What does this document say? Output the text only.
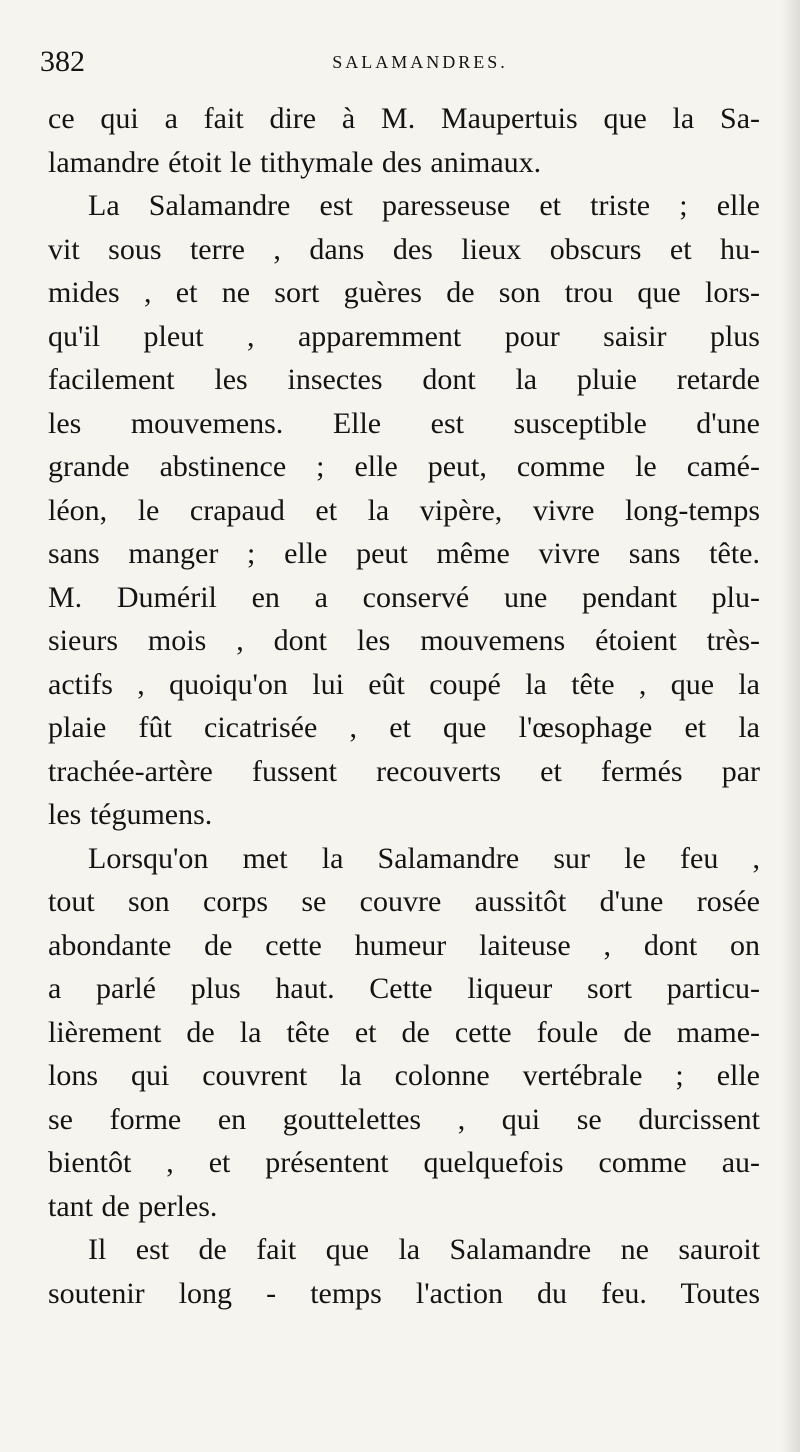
382	SALAMANDRES.
ce qui a fait dire à M. Maupertuis que la Sa-
lamandre étoit le tithymale des animaux.
La Salamandre est paresseuse et triste ; elle
vit sous terre , dans des lieux obscurs et hu-
mides , et ne sort guères de son trou que lors-
qu'il pleut , apparemment pour saisir plus
facilement les insectes dont la pluie retarde
les mouvemens. Elle est susceptible d'une
grande abstinence ; elle peut, comme le camé-
léon, le crapaud et la vipère, vivre long-temps
sans manger ; elle peut même vivre sans tête.
M. Duméril en a conservé une pendant plu-
sieurs mois , dont les mouvemens étoient très-
actifs , quoiqu'on lui eût coupé la tête , que la
plaie fût cicatrisée , et que l'œsophage et la
trachée-artère fussent recouverts et fermés par
les tégumens.
Lorsqu'on met la Salamandre sur le feu ,
tout son corps se couvre aussitôt d'une rosée
abondante de cette humeur laiteuse , dont on
a parlé plus haut. Cette liqueur sort particu-
lièrement de la tête et de cette foule de mame-
lons qui couvrent la colonne vertébrale ; elle
se forme en gouttelettes , qui se durcissent
bientôt , et présentent quelquefois comme au-
tant de perles.
Il est de fait que la Salamandre ne sauroit
soutenir long - temps l'action du feu. Toutes
